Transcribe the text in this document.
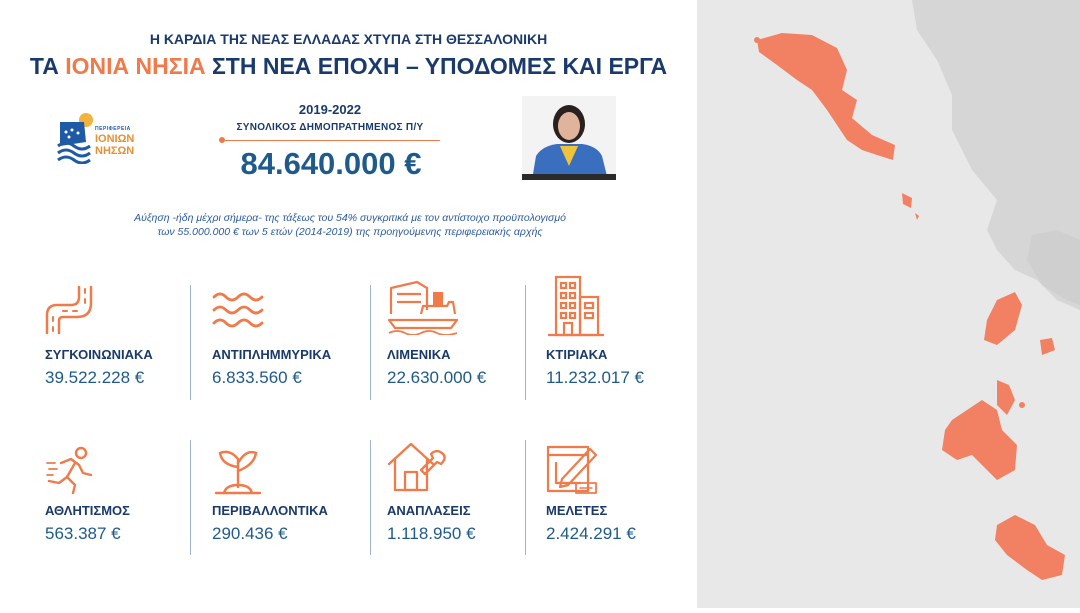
Η ΚΑΡΔΙΑ ΤΗΣ ΝΕΑΣ ΕΛΛΑΔΑΣ ΧΤΥΠΑ ΣΤΗ ΘΕΣΣΑΛΟΝΙΚΗ
ΤΑ ΙΟΝΙΑ ΝΗΣΙΑ ΣΤΗ ΝΕΑ ΕΠΟΧΗ – ΥΠΟΔΟΜΕΣ ΚΑΙ ΕΡΓΑ
ΠΕΡΙΦΕΡΕΙΑ
ΙΟΝΙΩΝ
ΝΗΣΩΝ
2019-2022
ΣΥΝΟΛΙΚΟΣ ΔΗΜΟΠΡΑΤΗΜΕΝΟΣ Π/Υ
84.640.000 €
Αύξηση -ήδη μέχρι σήμερα- της τάξεως του 54% συγκριτικά με τον αντίστοιχο προϋπολογισμό
των 55.000.000 € των 5 ετών (2014-2019) της προηγούμενης περιφερειακής αρχής
ΣΥΓΚΟΙΝΩΝΙΑΚΑ
39.522.228 €
ΑΝΤΙΠΛΗΜΜΥΡΙΚΑ
6.833.560 €
ΛΙΜΕΝΙΚΑ
22.630.000 €
ΚΤΙΡΙΑΚΑ
11.232.017 €
ΑΘΛΗΤΙΣΜΟΣ
563.387 €
ΠΕΡΙΒΑΛΛΟΝΤΙΚΑ
290.436 €
ΑΝΑΠΛΑΣΕΙΣ
1.118.950 €
ΜΕΛΕΤΕΣ
2.424.291 €
